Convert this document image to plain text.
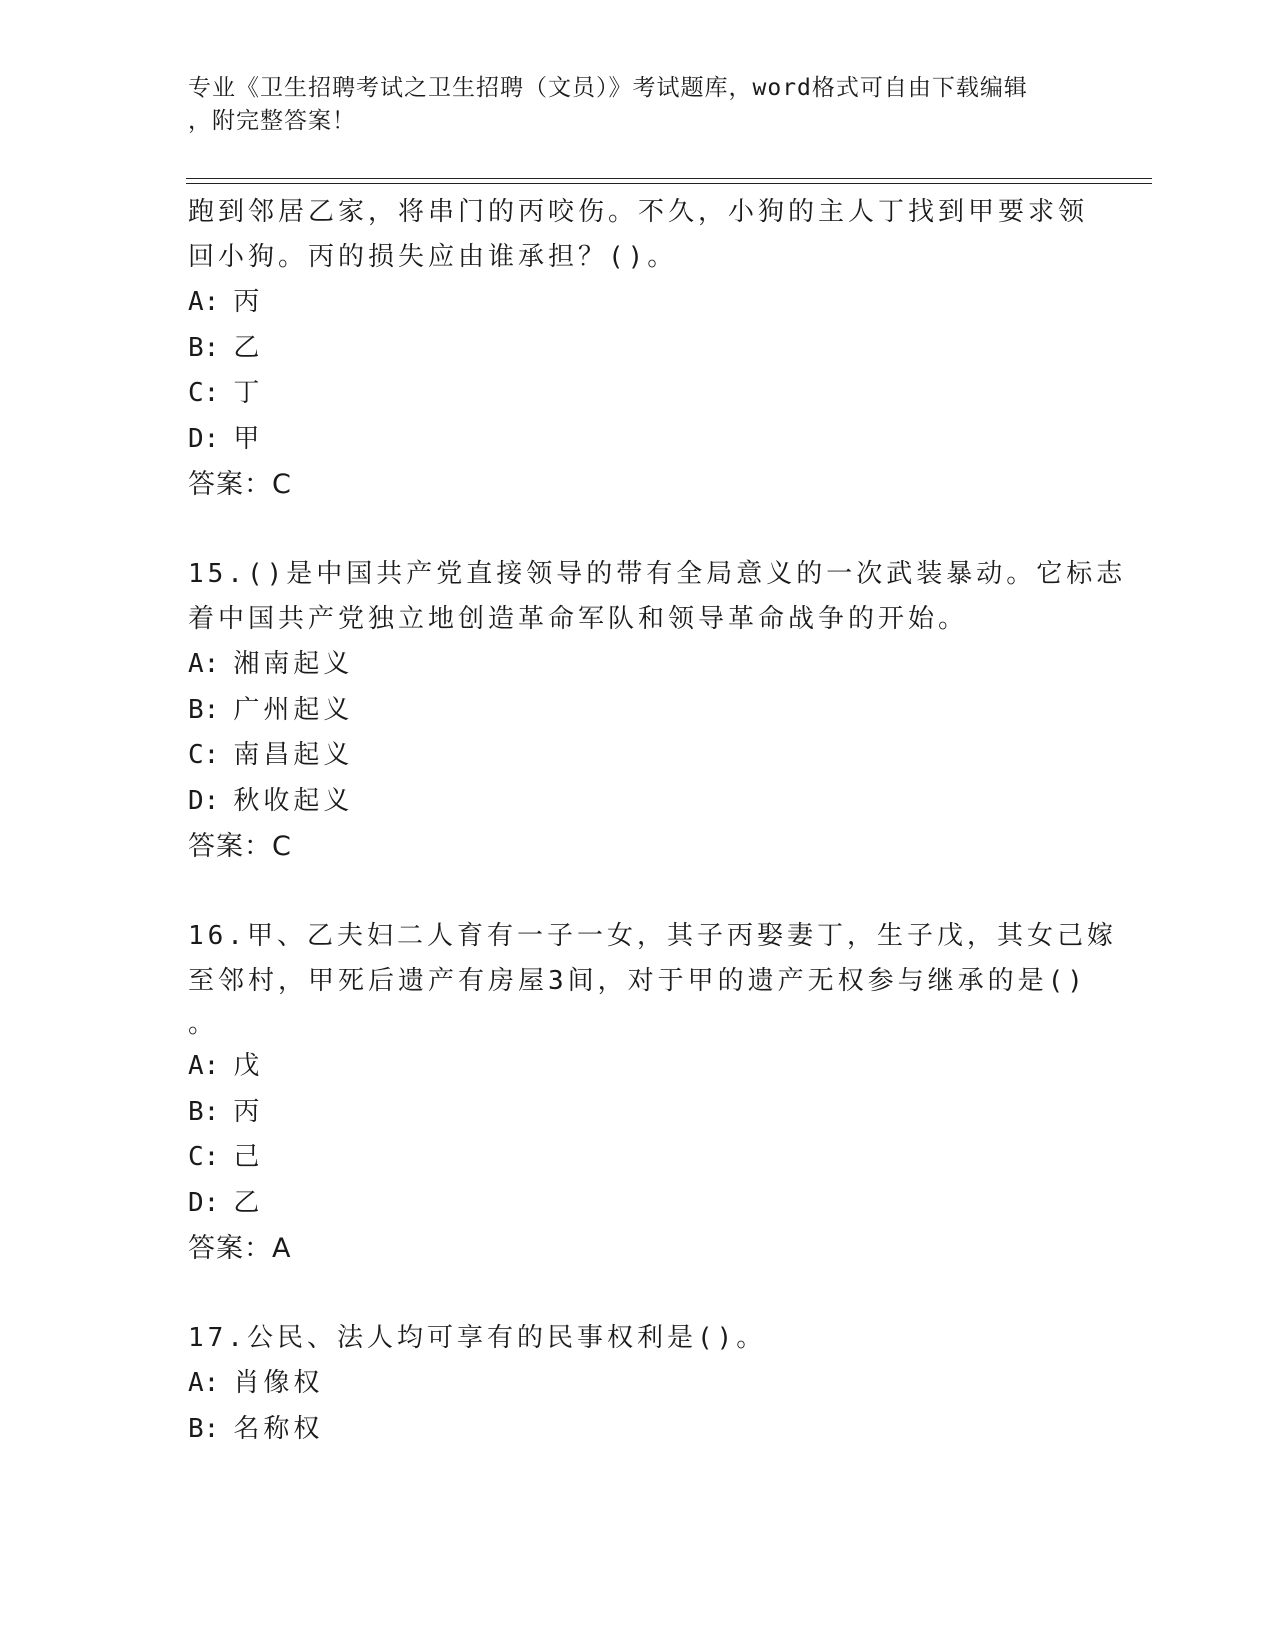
专业《卫生招聘考试之卫生招聘（文员）》考试题库，word格式可自由下载编辑
，附完整答案！
跑到邻居乙家，将串门的丙咬伤。不久，小狗的主人丁找到甲要求领
回小狗。丙的损失应由谁承担？()。
A: 丙
B: 乙
C: 丁
D: 甲
答案：C
15.()是中国共产党直接领导的带有全局意义的一次武装暴动。它标志
着中国共产党独立地创造革命军队和领导革命战争的开始。
A: 湘南起义
B: 广州起义
C: 南昌起义
D: 秋收起义
答案：C
16.甲、乙夫妇二人育有一子一女，其子丙娶妻丁，生子戊，其女己嫁
至邻村，甲死后遗产有房屋3间，对于甲的遗产无权参与继承的是()
。
A: 戊
B: 丙
C: 己
D: 乙
答案：A
17.公民、法人均可享有的民事权利是()。
A: 肖像权
B: 名称权
